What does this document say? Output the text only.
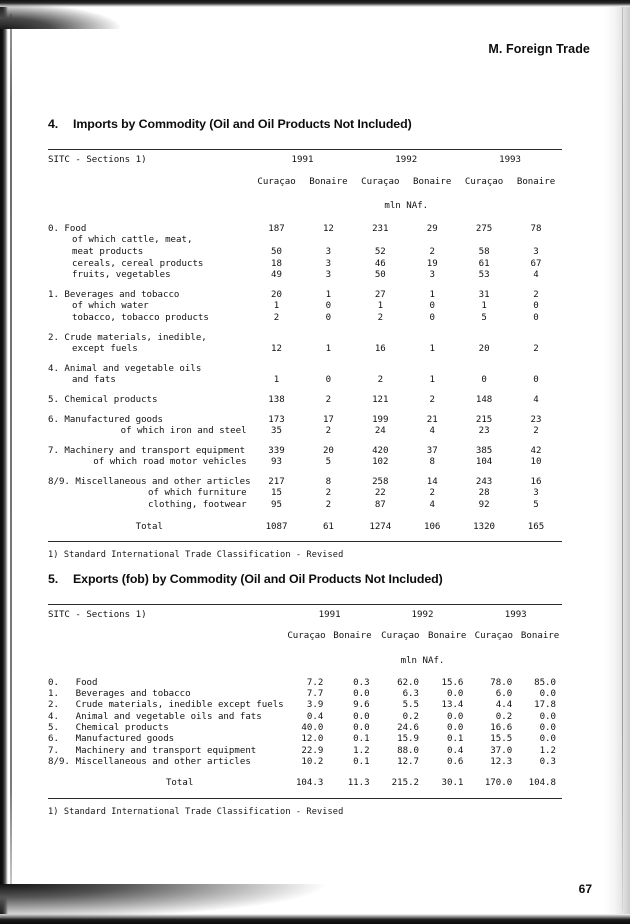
M. Foreign Trade
4. Imports by Commodity (Oil and Oil Products Not Included)
SITC - Sections 1)	1991		1992		1993	
	Curaçao	Bonaire	Curaçao	Bonaire	Curaçao	Bonaire
			mln NAf.			
0. Food	187	12	231	29	275	78
of which cattle, meat,						
meat products	50	3	52	2	58	3
cereals, cereal products	18	3	46	19	61	67
fruits, vegetables	49	3	50	3	53	4

1. Beverages and tobacco	20	1	27	1	31	2
of which water	1	0	1	0	1	0
tobacco, tobacco products	2	0	2	0	5	0

2. Crude materials, inedible,						
except fuels	12	1	16	1	20	2

4. Animal and vegetable oils						
and fats	1	0	2	1	0	0

5. Chemical products	138	2	121	2	148	4

6. Manufactured goods	173	17	199	21	215	23
of which iron and steel	35	2	24	4	23	2

7. Machinery and transport equipment	339	20	420	37	385	42
of which road motor vehicles	93	5	102	8	104	10

8/9. Miscellaneous and other articles	217	8	258	14	243	16
of which furniture	15	2	22	2	28	3
clothing, footwear	95	2	87	4	92	5
Total	1087	61	1274	106	1320	165
1) Standard International Trade Classification - Revised
5. Exports (fob) by Commodity (Oil and Oil Products Not Included)
SITC - Sections 1)		1991		1992		1993	
		Curaçao	Bonaire	Curaçao	Bonaire	Curaçao	Bonaire
				mln NAf.			
0.	Food	7.2	0.3	62.0	15.6	78.0	85.0
1.	Beverages and tobacco	7.7	0.0	6.3	0.0	6.0	0.0
2.	Crude materials, inedible except fuels	3.9	9.6	5.5	13.4	4.4	17.8
4.	Animal and vegetable oils and fats	0.4	0.0	0.2	0.0	0.2	0.0
5.	Chemical products	40.0	0.0	24.6	0.0	16.6	0.0
6.	Manufactured goods	12.0	0.1	15.9	0.1	15.5	0.0
7.	Machinery and transport equipment	22.9	1.2	88.0	0.4	37.0	1.2
8/9.	Miscellaneous and other articles	10.2	0.1	12.7	0.6	12.3	0.3
	Total	104.3	11.3	215.2	30.1	170.0	104.8
1) Standard International Trade Classification - Revised
67
